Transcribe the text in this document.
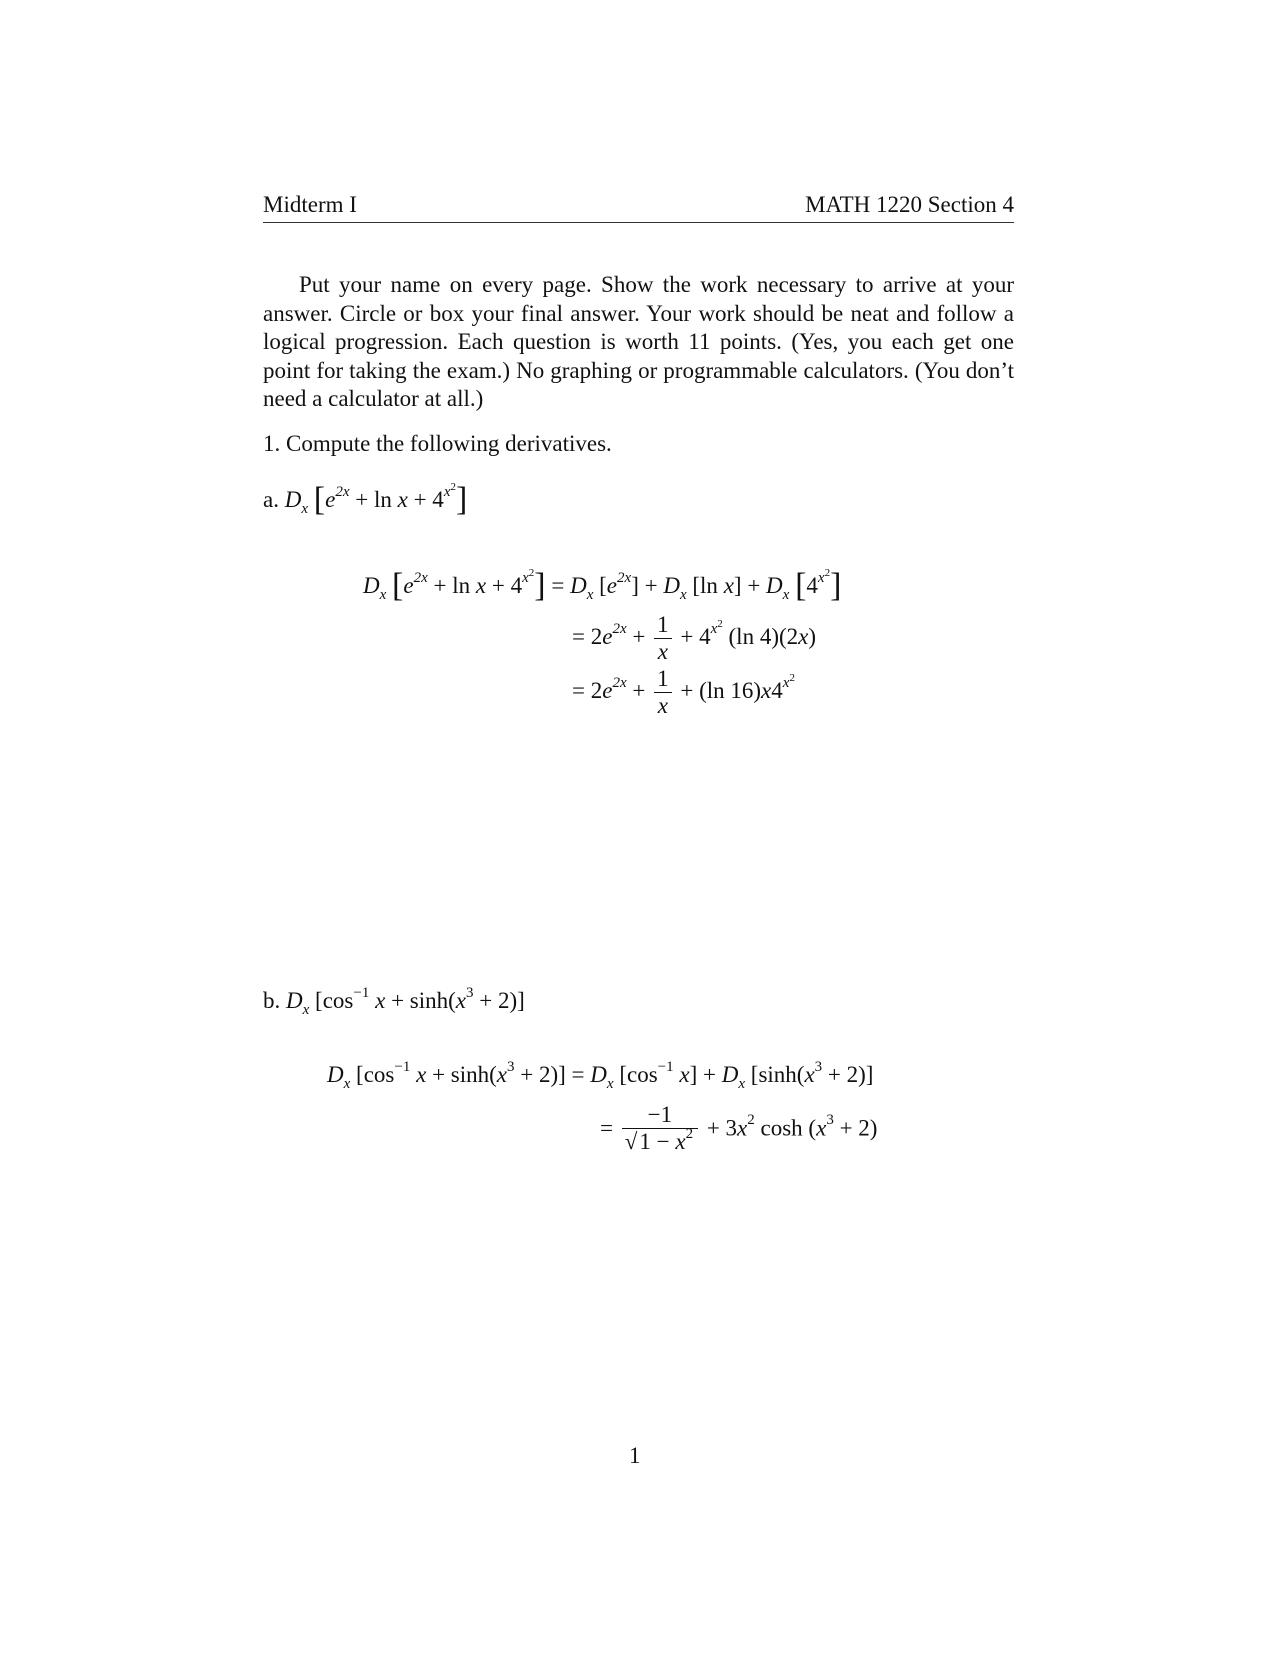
Midterm I	MATH 1220 Section 4
Put your name on every page. Show the work necessary to arrive at your answer. Circle or box your final answer. Your work should be neat and follow a logical progression. Each question is worth 11 points. (Yes, you each get one point for taking the exam.) No graphing or programmable calculators. (You don’t need a calculator at all.)
1. Compute the following derivatives.
a. $D_x$ $[e^{2x} + \ln x + 4^{x^2}]$
$D_x$ $[e^{2x} + \ln x + 4^{x^2}] = D_x$ $[e^{2x}] + D_x$ [ln $x] + D_x$ $[4^{x^2}]$
= $2e^{2x} + \frac{1}{x} + 4^{x^2}$ (ln 4)(2x)
= $2e^{2x} + \frac{1}{x} + (\ln$ $16)x4^{x^2}$
b. $D_x$ [$\cos^{-1}$ $x + \sinh(x^3 + 2)$]
$D_x$ [$\cos^{-1}$ $x + \sinh(x^3 + 2)] = D_x$ [$\cos^{-1}$ $x] + D_x$ $[\sinh(x^3 + 2)]$
= $\frac{-1}{√1 - x^2} + 3x^2$ $\cosh (x^3 + 2)$
1
